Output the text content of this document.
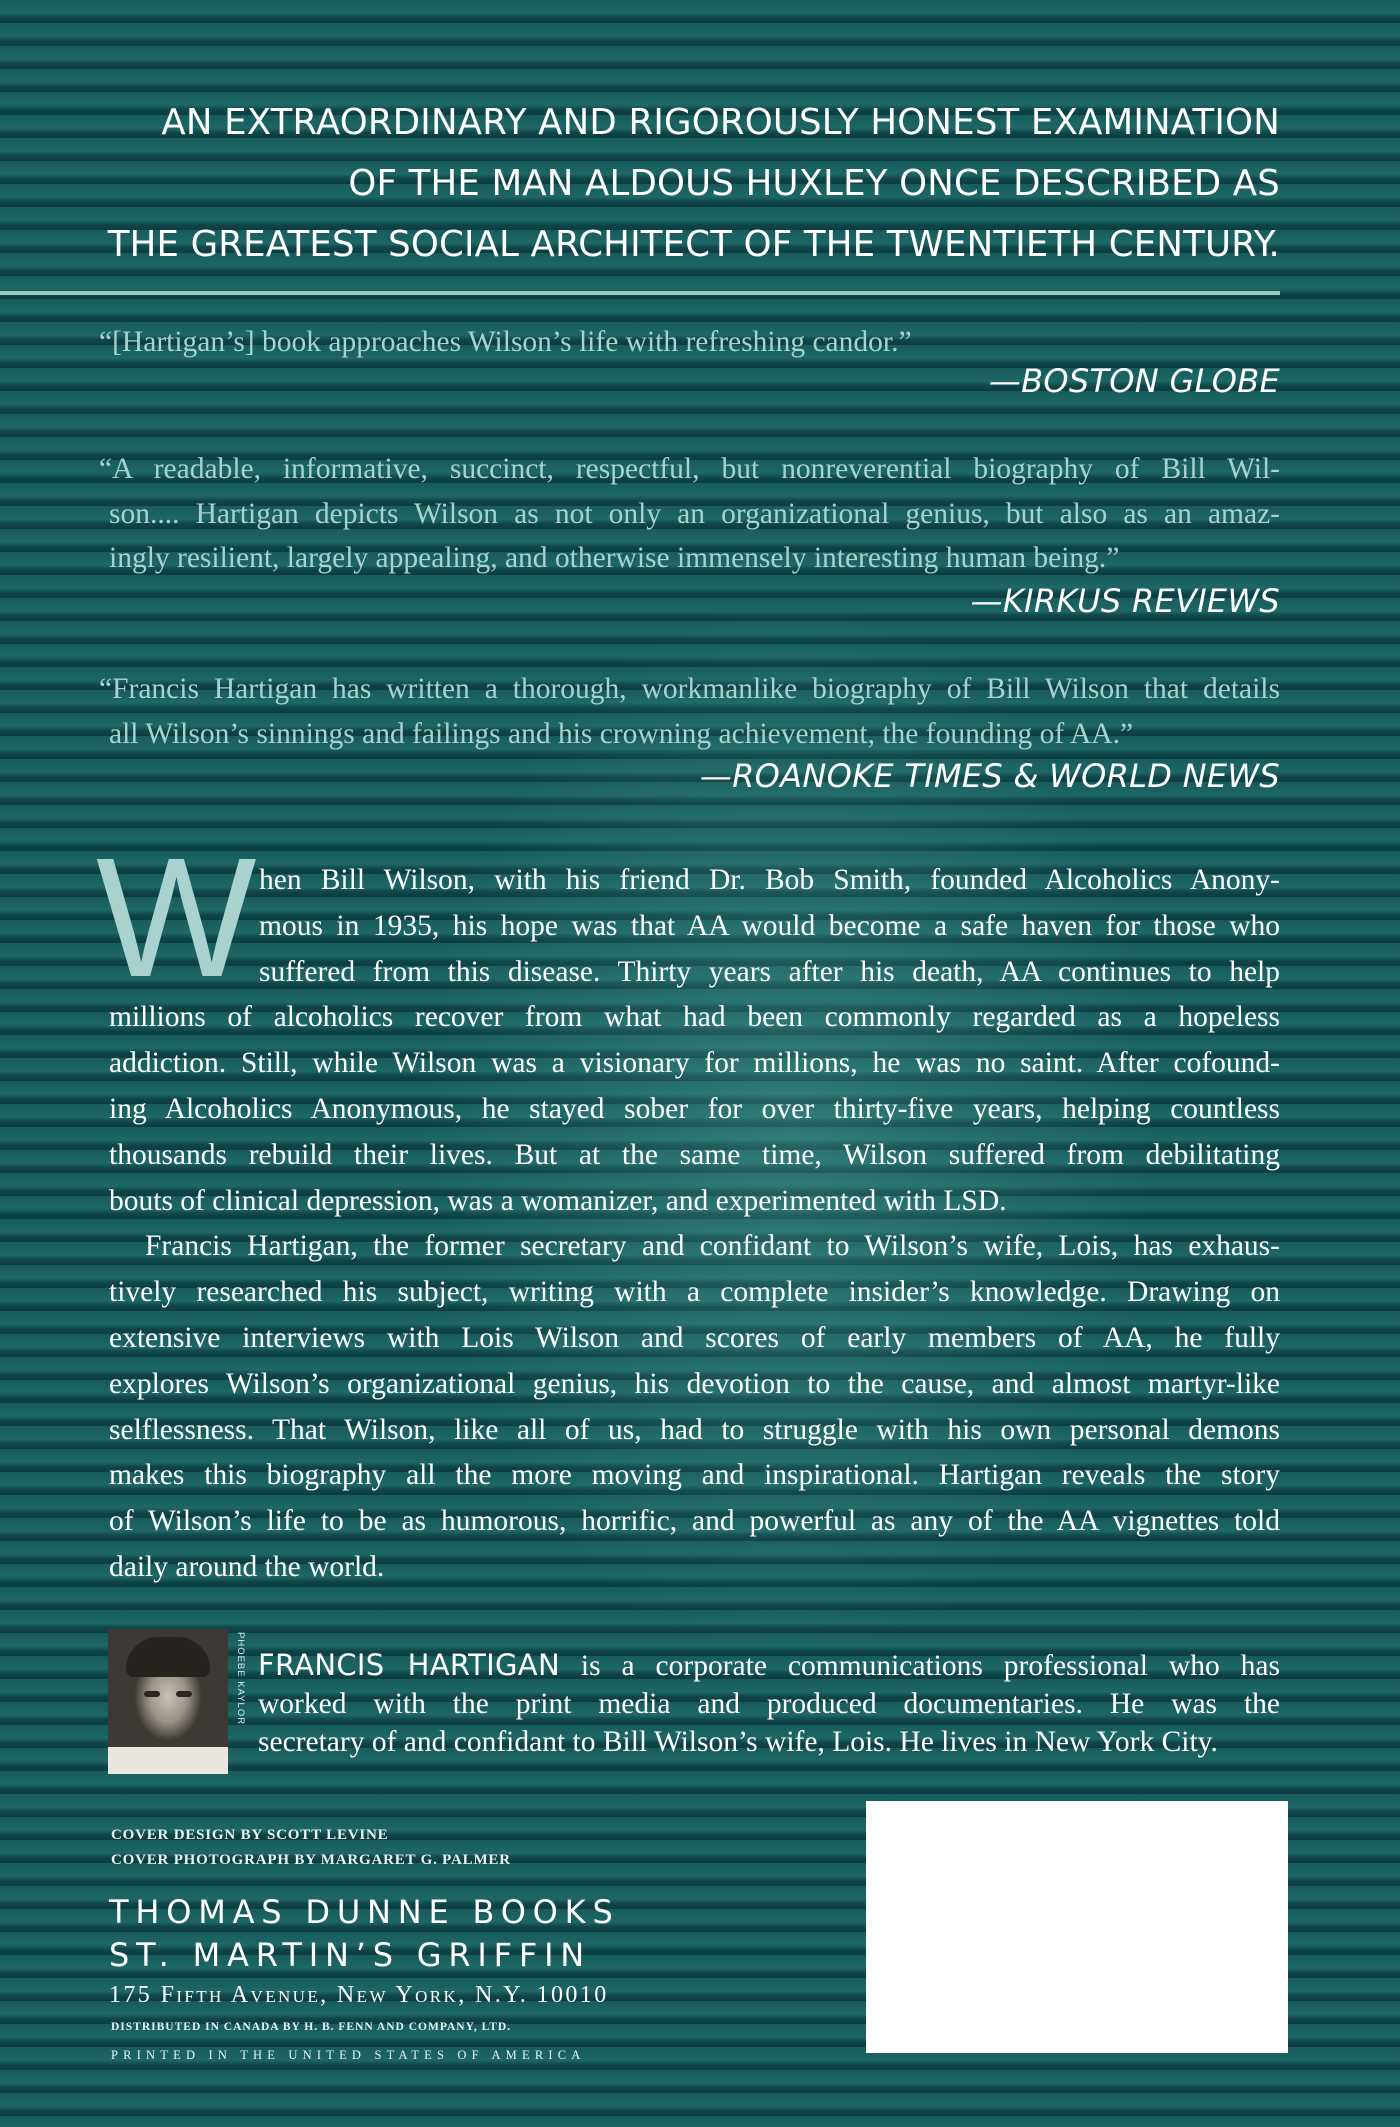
AN EXTRAORDINARY AND RIGOROUSLY HONEST EXAMINATION
OF THE MAN ALDOUS HUXLEY ONCE DESCRIBED AS
THE GREATEST SOCIAL ARCHITECT OF THE TWENTIETH CENTURY.
“[Hartigan’s] book approaches Wilson’s life with refreshing candor.”
—BOSTON GLOBE
“A readable, informative, succinct, respectful, but nonreverential biography of Bill Wil-
son.... Hartigan depicts Wilson as not only an organizational genius, but also as an amaz-
ingly resilient, largely appealing, and otherwise immensely interesting human being.”
—KIRKUS REVIEWS
“Francis Hartigan has written a thorough, workmanlike biography of Bill Wilson that details
all Wilson’s sinnings and failings and his crowning achievement, the founding of AA.”
—ROANOKE TIMES & WORLD NEWS
W hen Bill Wilson, with his friend Dr. Bob Smith, founded Alcoholics Anony-
mous in 1935, his hope was that AA would become a safe haven for those who
suffered from this disease. Thirty years after his death, AA continues to help
millions of alcoholics recover from what had been commonly regarded as a hopeless
addiction. Still, while Wilson was a visionary for millions, he was no saint. After cofound-
ing Alcoholics Anonymous, he stayed sober for over thirty-five years, helping countless
thousands rebuild their lives. But at the same time, Wilson suffered from debilitating
bouts of clinical depression, was a womanizer, and experimented with LSD.
Francis Hartigan, the former secretary and confidant to Wilson’s wife, Lois, has exhaus-
tively researched his subject, writing with a complete insider’s knowledge. Drawing on
extensive interviews with Lois Wilson and scores of early members of AA, he fully
explores Wilson’s organizational genius, his devotion to the cause, and almost martyr-like
selflessness. That Wilson, like all of us, had to struggle with his own personal demons
makes this biography all the more moving and inspirational. Hartigan reveals the story
of Wilson’s life to be as humorous, horrific, and powerful as any of the AA vignettes told
daily around the world.
PHOEBE KAYLOR FRANCIS HARTIGAN is a corporate communications professional who has
worked with the print media and produced documentaries. He was the
secretary of and confidant to Bill Wilson’s wife, Lois. He lives in New York City.
COVER DESIGN BY SCOTT LEVINE
COVER PHOTOGRAPH BY MARGARET G. PALMER
THOMAS DUNNE BOOKS
ST. MARTIN’S GRIFFIN
175 Fifth Avenue, New York, N.Y. 10010
DISTRIBUTED IN CANADA BY H. B. FENN AND COMPANY, LTD.
PRINTED IN THE UNITED STATES OF AMERICA
